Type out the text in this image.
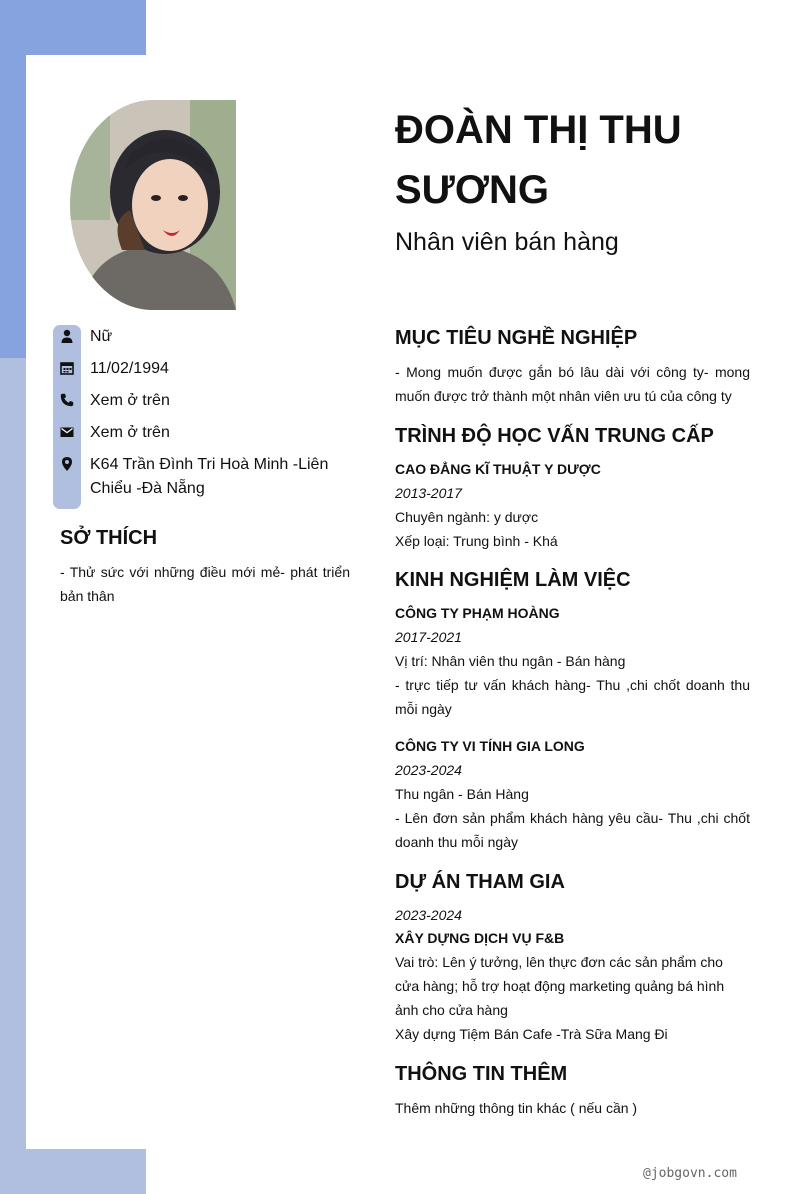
Nữ
11/02/1994
Xem ở trên
Xem ở trên
K64 Trần Đình Tri Hoà Minh -Liên Chiểu -Đà Nẵng
SỞ THÍCH
- Thử sức với những điều mới mẻ- phát triển bản thân
ĐOÀN THỊ THU SƯƠNG
Nhân viên bán hàng
MỤC TIÊU NGHỀ NGHIỆP
- Mong muốn được gắn bó lâu dài với công ty- mong muốn được trở thành một nhân viên ưu tú của công ty
TRÌNH ĐỘ HỌC VẤN TRUNG CẤP
CAO ĐẲNG KĨ THUẬT Y DƯỢC
2013-2017
Chuyên ngành: y dược
Xếp loại: Trung bình - Khá
KINH NGHIỆM LÀM VIỆC
CÔNG TY PHẠM HOÀNG
2017-2021
Vị trí: Nhân viên thu ngân - Bán hàng
- trực tiếp tư vấn khách hàng- Thu ,chi chốt doanh thu mỗi ngày
CÔNG TY VI TÍNH GIA LONG
2023-2024
Thu ngân - Bán Hàng
- Lên đơn sản phẩm khách hàng yêu cầu- Thu ,chi chốt doanh thu mỗi ngày
DỰ ÁN THAM GIA
2023-2024
XÂY DỰNG DỊCH VỤ F&B
Vai trò: Lên ý tưởng, lên thực đơn các sản phẩm cho cửa hàng; hỗ trợ hoạt động marketing quảng bá hình ảnh cho cửa hàng
Xây dựng Tiệm Bán Cafe -Trà Sữa Mang Đi
THÔNG TIN THÊM
Thêm những thông tin khác ( nếu cần )
@jobgovn.com
